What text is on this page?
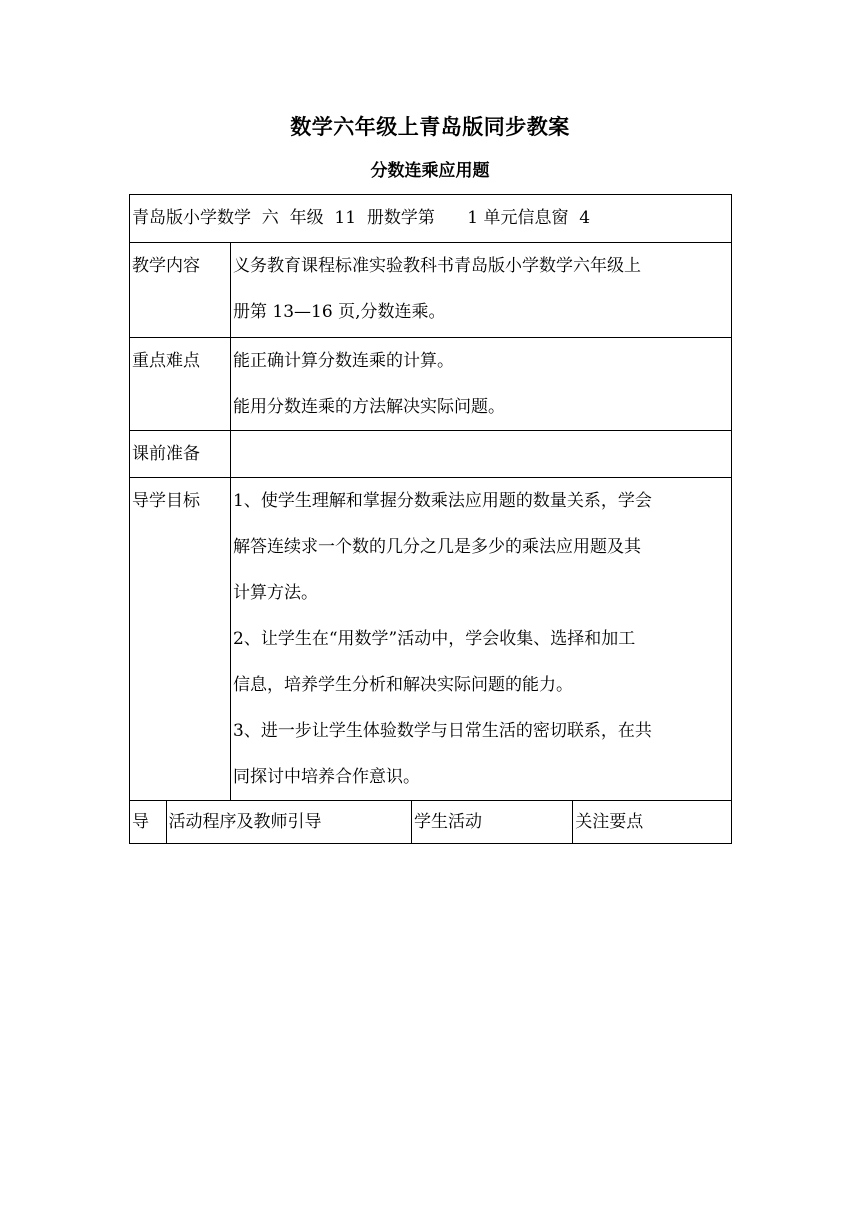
数学六年级上青岛版同步教案
分数连乘应用题
青岛版小学数学  六  年级  11  册数学第      1 单元信息窗  4
教学内容	义务教育课程标准实验教科书青岛版小学数学六年级上
册第 13—16 页,分数连乘。

重点难点	能正确计算分数连乘的计算。
能用分数连乘的方法解决实际问题。

课前准备	
导学目标	1、使学生理解和掌握分数乘法应用题的数量关系，学会
解答连续求一个数的几分之几是多少的乘法应用题及其
计算方法。
2、让学生在“用数学”活动中，学会收集、选择和加工
信息，培养学生分析和解决实际问题的能力。
3、进一步让学生体验数学与日常生活的密切联系，在共
同探讨中培养合作意识。

导	活动程序及教师引导	学生活动	关注要点
